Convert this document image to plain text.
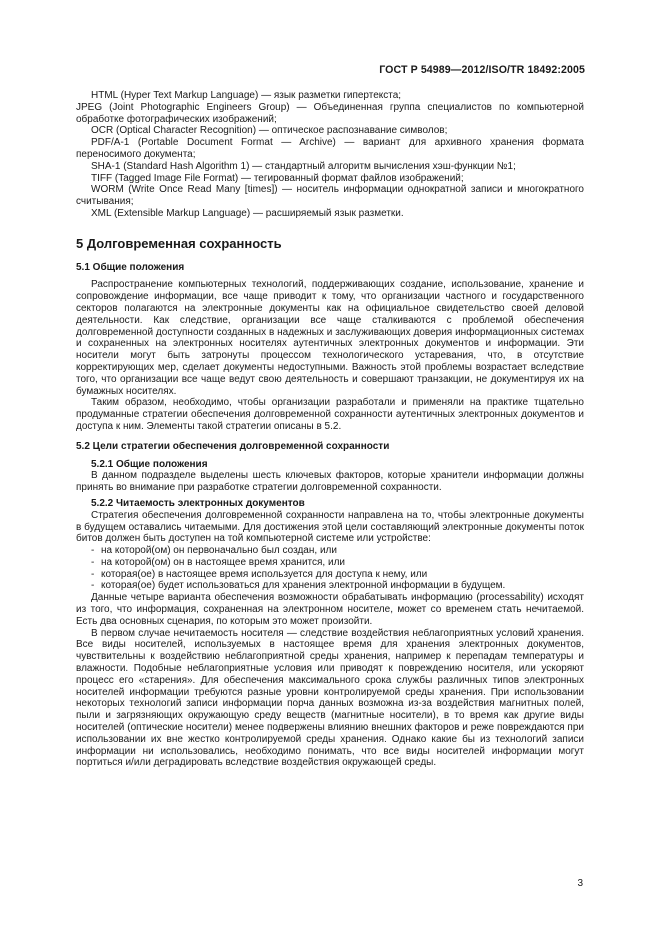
ГОСТ Р 54989—2012/ISO/TR 18492:2005

HTML (Hyper Text Markup Language) — язык разметки гипертекста;

JPEG (Joint Photographic Engineers Group) — Объединенная группа специалистов по компьютерной обработке фотографических изображений;

OCR (Optical Character Recognition) — оптическое распознавание символов;

PDF/A-1 (Portable Document Format — Archive) — вариант для архивного хранения формата переносимого документа;

SHA-1 (Standard Hash Algorithm 1) — стандартный алгоритм вычисления хэш-функции №1;

TIFF (Tagged Image File Format) — тегированный формат файлов изображений;

WORM (Write Once Read Many [times]) — носитель информации однократной записи и многократного считывания;

XML (Extensible Markup Language) — расширяемый язык разметки.

5 Долговременная сохранность
5.1 Общие положения

Распространение компьютерных технологий, поддерживающих создание, использование, хранение и сопровождение информации, все чаще приводит к тому, что организации частного и государственного секторов полагаются на электронные документы как на официальное свидетельство своей деловой деятельности. Как следствие, организации все чаще сталкиваются с проблемой обеспечения долговременной доступности созданных в надежных и заслуживающих доверия информационных системах и сохраненных на электронных носителях аутентичных электронных документов и информации. Эти носители могут быть затронуты процессом технологического устаревания, что, в отсутствие корректирующих мер, сделает документы недоступными. Важность этой проблемы возрастает вследствие того, что организации все чаще ведут свою деятельность и совершают транзакции, не документируя их на бумажных носителях.

Таким образом, необходимо, чтобы организации разработали и применяли на практике тщательно продуманные стратегии обеспечения долговременной сохранности аутентичных электронных документов и доступа к ним. Элементы такой стратегии описаны в 5.2.

5.2 Цели стратегии обеспечения долговременной сохранности
5.2.1 Общие положения

В данном подразделе выделены шесть ключевых факторов, которые хранители информации должны принять во внимание при разработке стратегии долговременной сохранности.

5.2.2 Читаемость электронных документов

Стратегия обеспечения долговременной сохранности направлена на то, чтобы электронные документы в будущем оставались читаемыми. Для достижения этой цели составляющий электронные документы поток битов должен быть доступен на той компьютерной системе или устройстве:

- на которой(ом) он первоначально был создан, или
- на которой(ом) он в настоящее время хранится, или
- которая(ое) в настоящее время используется для доступа к нему, или
- которая(ое) будет использоваться для хранения электронной информации в будущем.

Данные четыре варианта обеспечения возможности обрабатывать информацию (processability) исходят из того, что информация, сохраненная на электронном носителе, может со временем стать нечитаемой. Есть два основных сценария, по которым это может произойти.

В первом случае нечитаемость носителя — следствие воздействия неблагоприятных условий хранения. Все виды носителей, используемых в настоящее время для хранения электронных документов, чувствительны к воздействию неблагоприятной среды хранения, например к перепадам температуры и влажности. Подобные неблагоприятные условия или приводят к повреждению носителя, или ускоряют процесс его «старения». Для обеспечения максимального срока службы различных типов электронных носителей информации требуются разные уровни контролируемой среды хранения. При использовании некоторых технологий записи информации порча данных возможна из-за воздействия магнитных полей, пыли и загрязняющих окружающую среду веществ (магнитные носители), в то время как другие виды носителей (оптические носители) менее подвержены влиянию внешних факторов и реже повреждаются при использовании их вне жестко контролируемой среды хранения. Однако какие бы из технологий записи информации ни использовались, необходимо понимать, что все виды носителей информации могут портиться и/или деградировать вследствие воздействия окружающей среды.

3
